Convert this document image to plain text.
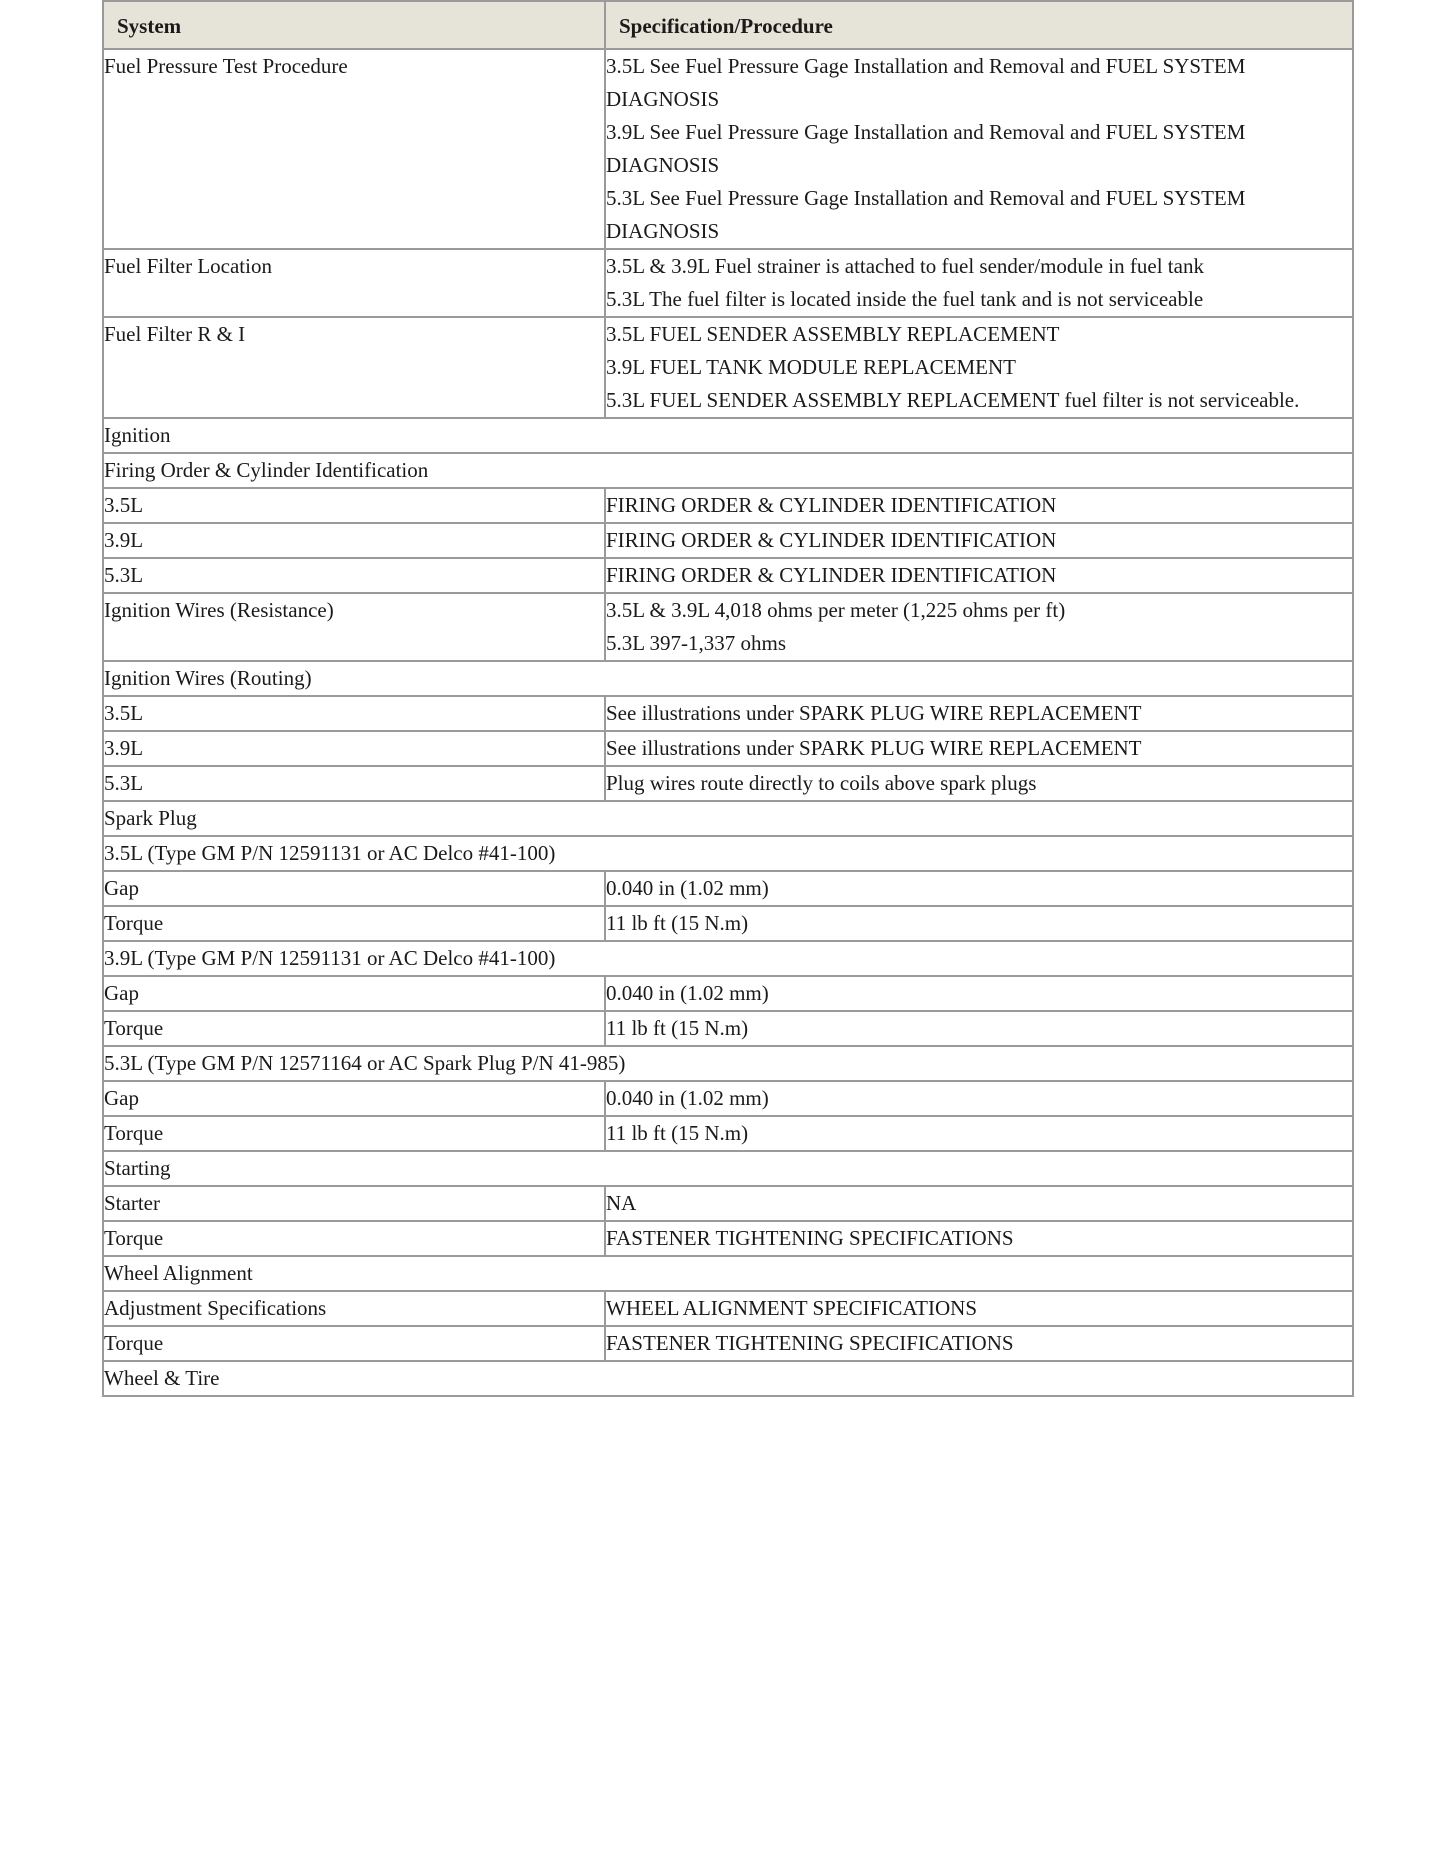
System	Specification/Procedure
Fuel Pressure Test Procedure	3.5L See Fuel Pressure Gage Installation and Removal and FUEL SYSTEM DIAGNOSIS
3.9L See Fuel Pressure Gage Installation and Removal and FUEL SYSTEM DIAGNOSIS
5.3L See Fuel Pressure Gage Installation and Removal and FUEL SYSTEM DIAGNOSIS

Fuel Filter Location	3.5L & 3.9L Fuel strainer is attached to fuel sender/module in fuel tank
5.3L The fuel filter is located inside the fuel tank and is not serviceable

Fuel Filter R & I	3.5L FUEL SENDER ASSEMBLY REPLACEMENT
3.9L FUEL TANK MODULE REPLACEMENT
5.3L FUEL SENDER ASSEMBLY REPLACEMENT fuel filter is not serviceable.

Ignition	
Firing Order & Cylinder Identification	
3.5L	FIRING ORDER & CYLINDER IDENTIFICATION

3.9L	FIRING ORDER & CYLINDER IDENTIFICATION

5.3L	FIRING ORDER & CYLINDER IDENTIFICATION

Ignition Wires (Resistance)	3.5L & 3.9L 4,018 ohms per meter (1,225 ohms per ft)
5.3L 397-1,337 ohms

Ignition Wires (Routing)	
3.5L	See illustrations under SPARK PLUG WIRE REPLACEMENT

3.9L	See illustrations under SPARK PLUG WIRE REPLACEMENT

5.3L	Plug wires route directly to coils above spark plugs

Spark Plug	
3.5L (Type GM P/N 12591131 or AC Delco #41-100)	
Gap	0.040 in (1.02 mm)

Torque	11 lb ft (15 N.m)

3.9L (Type GM P/N 12591131 or AC Delco #41-100)	
Gap	0.040 in (1.02 mm)

Torque	11 lb ft (15 N.m)

5.3L (Type GM P/N 12571164 or AC Spark Plug P/N 41-985)	
Gap	0.040 in (1.02 mm)

Torque	11 lb ft (15 N.m)

Starting	
Starter	NA

Torque	FASTENER TIGHTENING SPECIFICATIONS

Wheel Alignment	
Adjustment Specifications	WHEEL ALIGNMENT SPECIFICATIONS

Torque	FASTENER TIGHTENING SPECIFICATIONS

Wheel & Tire	
